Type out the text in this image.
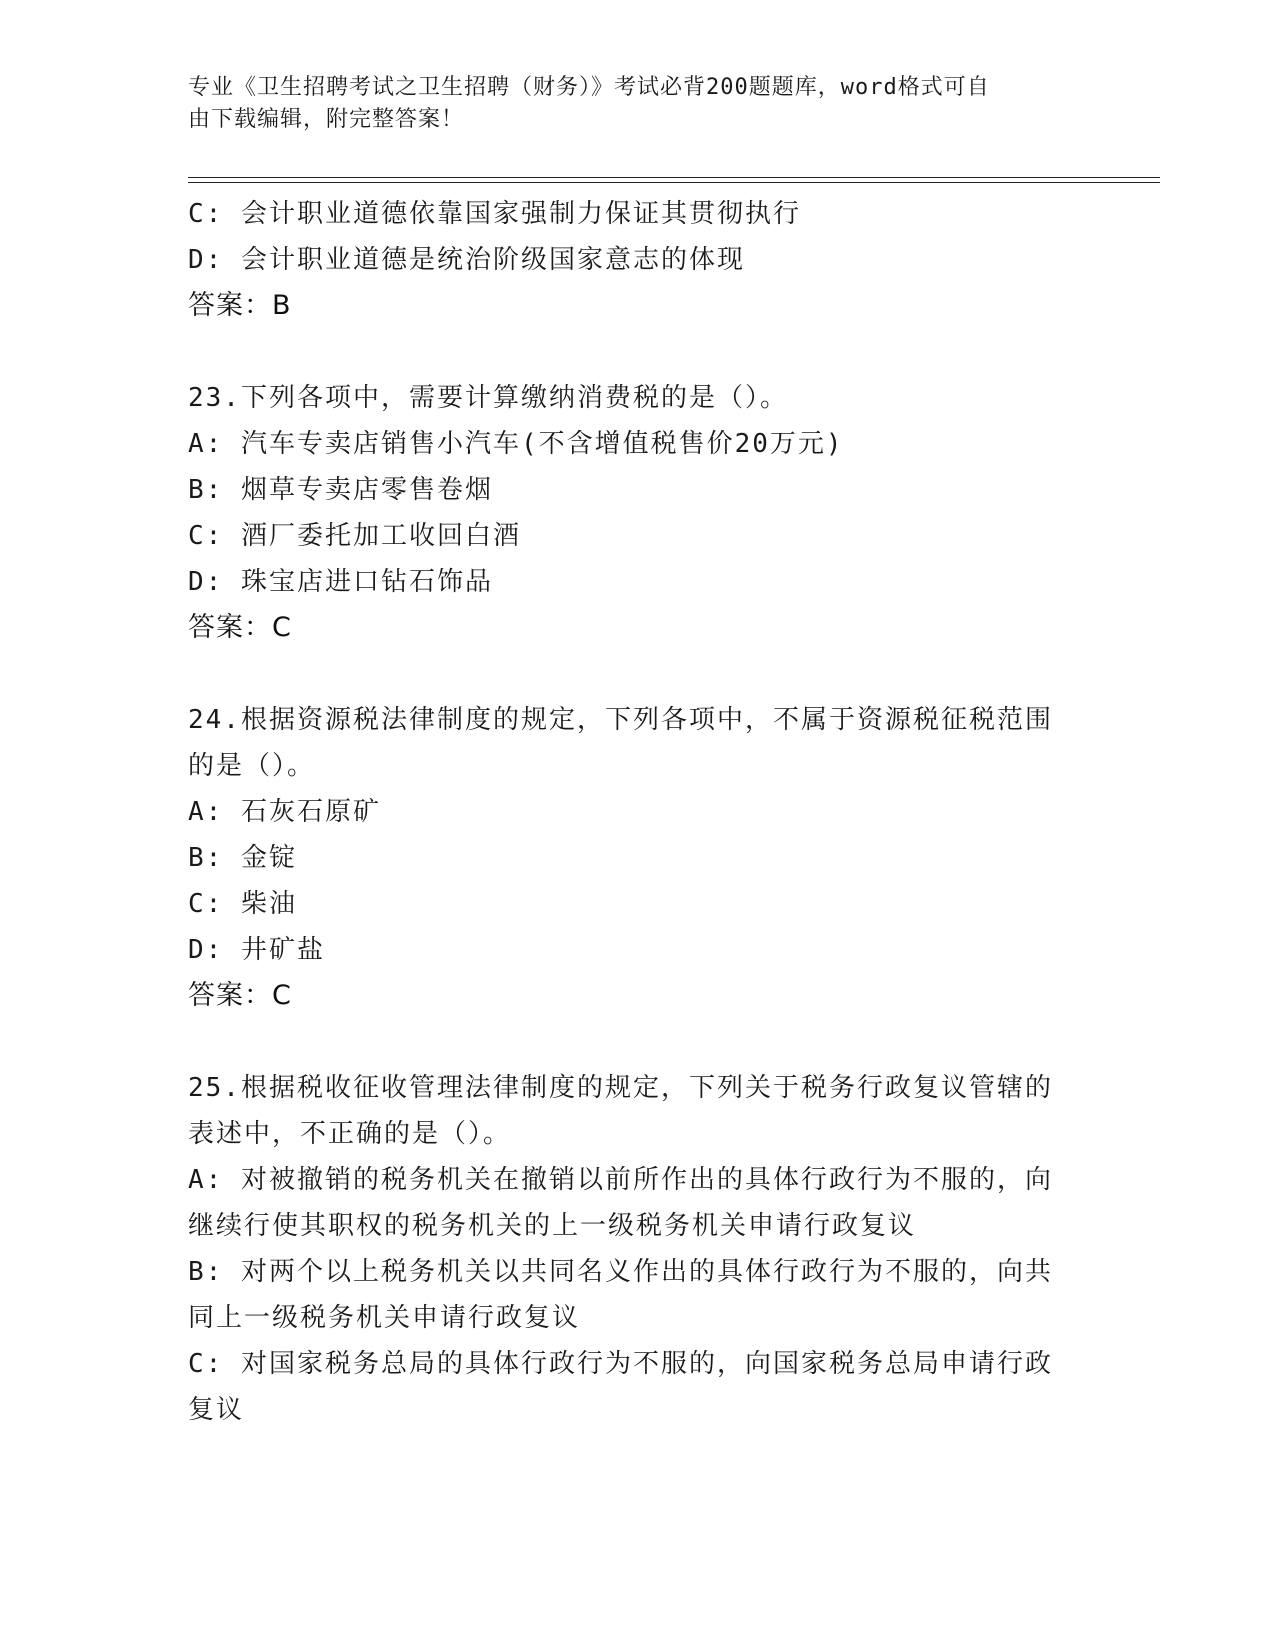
专业《卫生招聘考试之卫生招聘（财务）》考试必背200题题库，word格式可自
由下载编辑，附完整答案！
C: 会计职业道德依靠国家强制力保证其贯彻执行
D: 会计职业道德是统治阶级国家意志的体现
答案：B
23.下列各项中，需要计算缴纳消费税的是（）。
A: 汽车专卖店销售小汽车(不含增值税售价20万元)
B: 烟草专卖店零售卷烟
C: 酒厂委托加工收回白酒
D: 珠宝店进口钻石饰品
答案：C
24.根据资源税法律制度的规定，下列各项中，不属于资源税征税范围
的是（）。
A: 石灰石原矿
B: 金锭
C: 柴油
D: 井矿盐
答案：C
25.根据税收征收管理法律制度的规定，下列关于税务行政复议管辖的
表述中，不正确的是（）。
A: 对被撤销的税务机关在撤销以前所作出的具体行政行为不服的，向
继续行使其职权的税务机关的上一级税务机关申请行政复议
B: 对两个以上税务机关以共同名义作出的具体行政行为不服的，向共
同上一级税务机关申请行政复议
C: 对国家税务总局的具体行政行为不服的，向国家税务总局申请行政
复议
